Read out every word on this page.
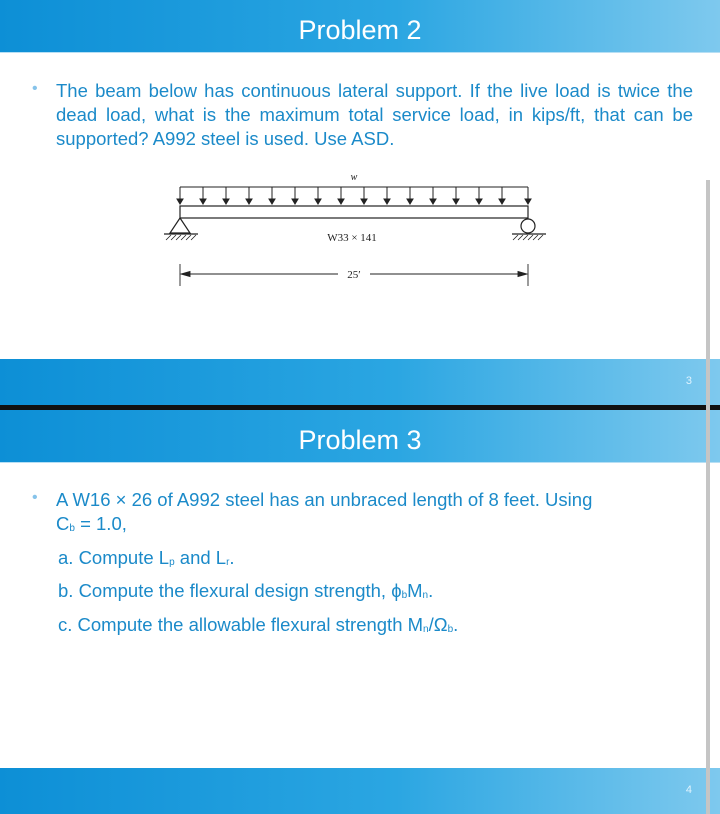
Problem 2
• The beam below has continuous lateral support. If the live load is twice the dead load, what is the maximum total service load, in kips/ft, that can be supported? A992 steel is used. Use ASD.
w
W33 × 141
25′
3
Problem 3
• A W16 × 26 of A992 steel has an unbraced length of 8 feet. Using
$C_b = 1.0$,
a. Compute $L_p$ and $L_r$.
b. Compute the flexural design strength, $\phi_bM_n$.
c. Compute the allowable flexural strength $M_n/\Omega_b$.
4
